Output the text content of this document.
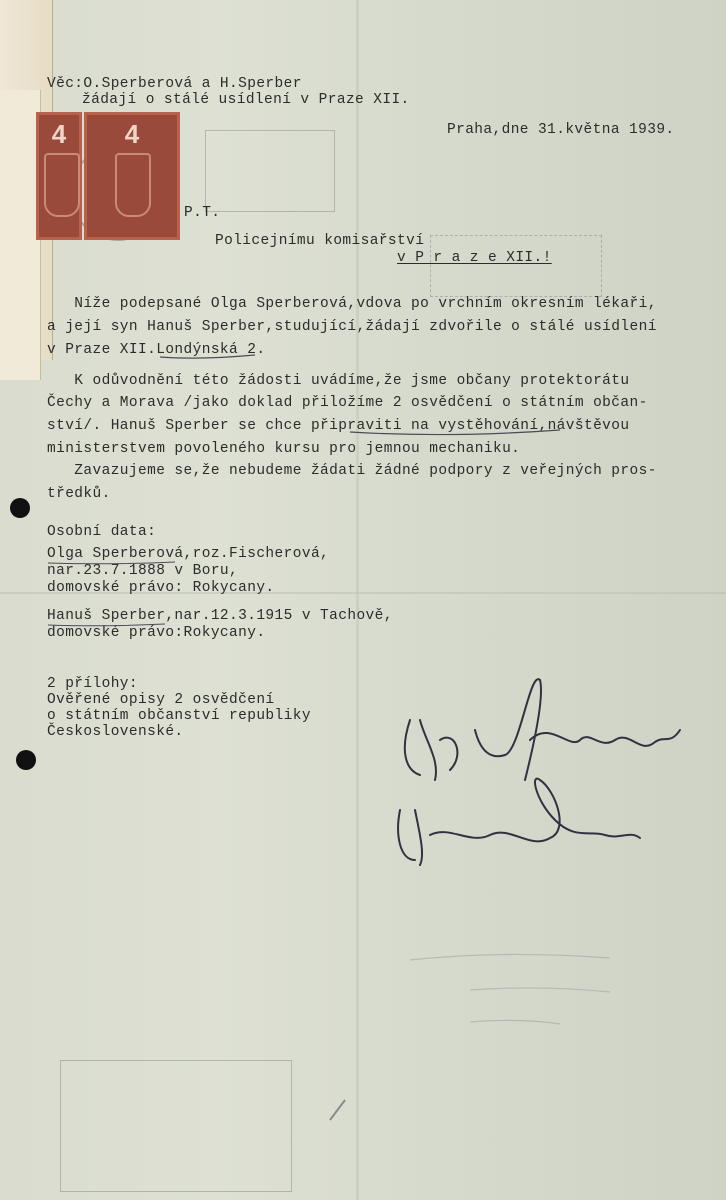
4	4
Věc:O.Sperberová a H.Sperber
žádají o stálé usídlení v Praze XII.
Praha,dne 31.května 1939.
P.T.
Policejnímu komisařství
v P r a z e XII.!
Níže podepsané Olga Sperberová,vdova po vrchním okresním lékaři,
a její syn Hanuš Sperber,studující,žádají zdvořile o stálé usídlení
v Praze XII.Londýnská 2.
K odůvodnění této žádosti uvádíme,že jsme občany protektorátu
Čechy a Morava /jako doklad přiložíme 2 osvědčení o státním občan-
ství/. Hanuš Sperber se chce připraviti na vystěhování,návštěvou
ministerstvem povoleného kursu pro jemnou mechaniku.
Zavazujeme se,že nebudeme žádati žádné podpory z veřejných pros-
tředků.
Osobní data:
Olga Sperberová,roz.Fischerová,
nar.23.7.1888 v Boru,
domovské právo: Rokycany.
Hanuš Sperber,nar.12.3.1915 v Tachově,
domovské právo:Rokycany.
2 přílohy:
Ověřené opisy 2 osvědčení
o státním občanství republiky
Československé.
